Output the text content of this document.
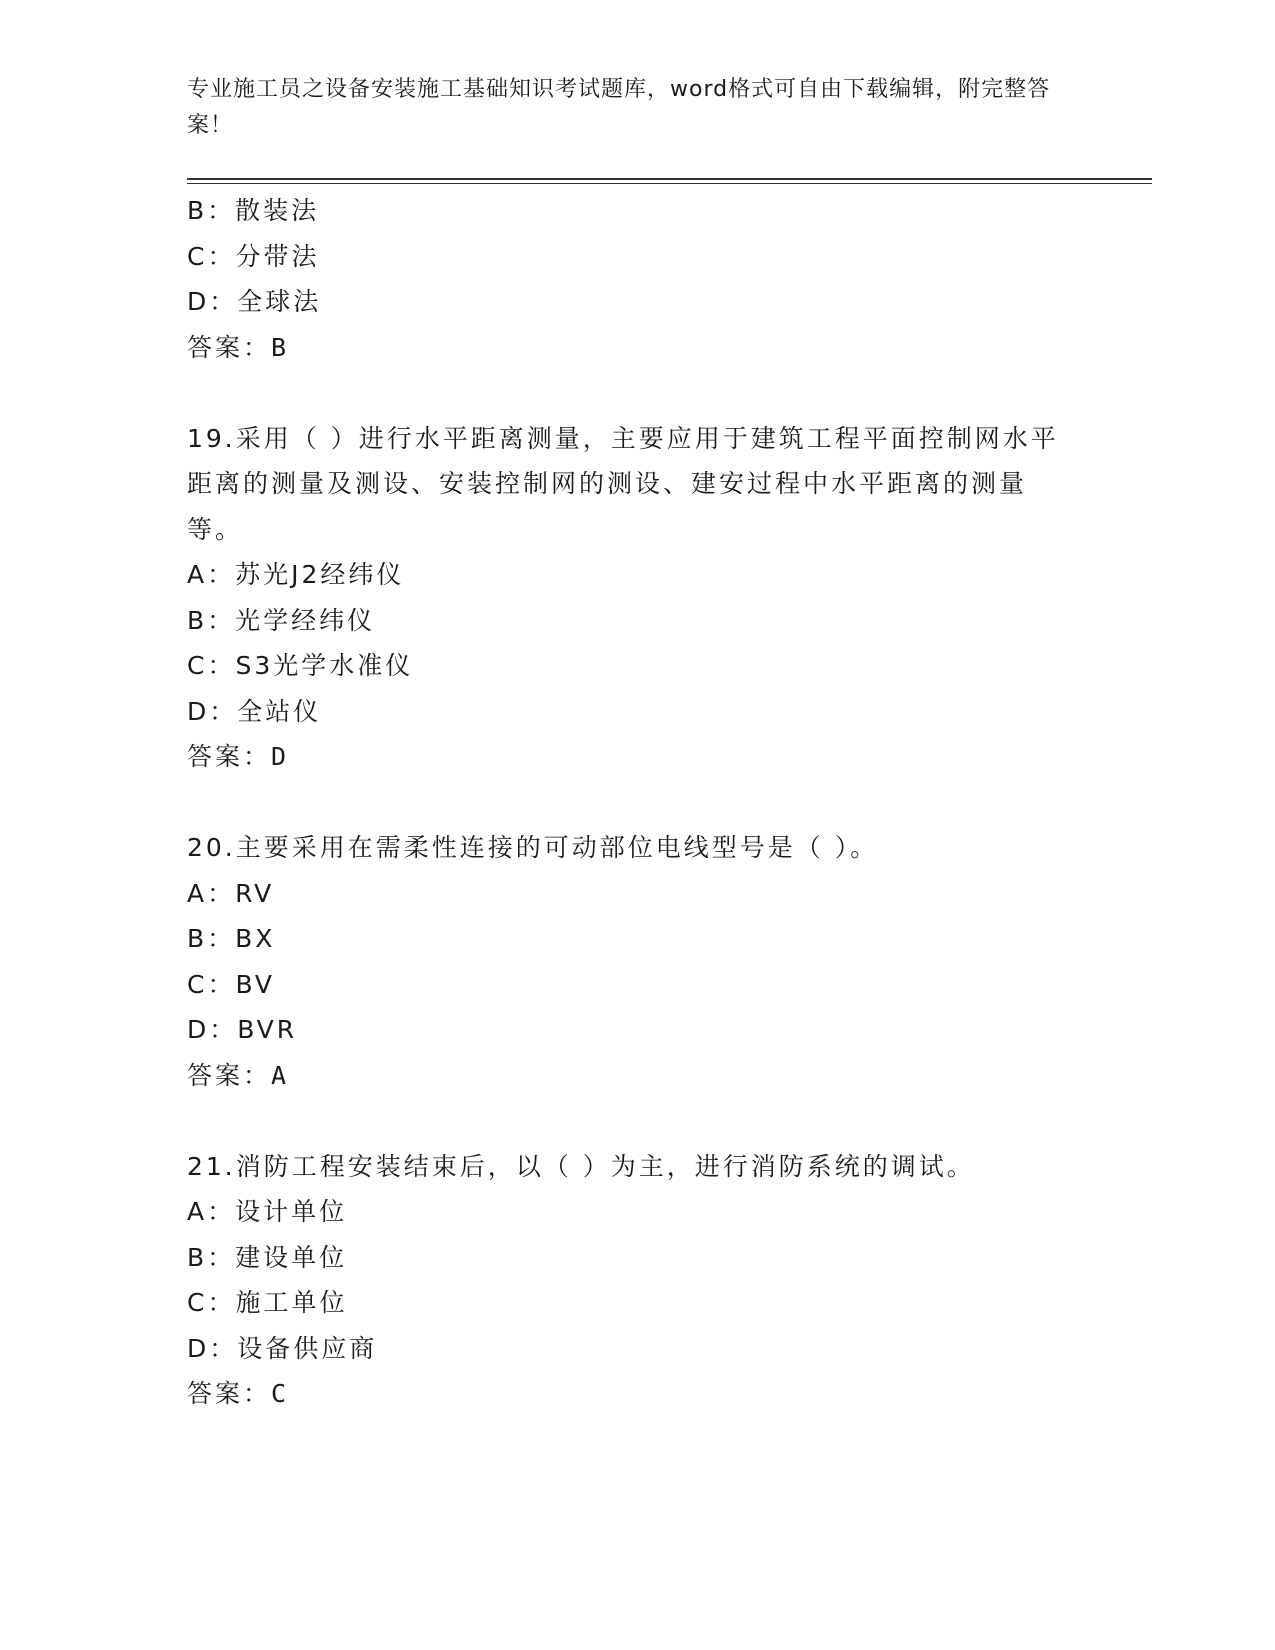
专业施工员之设备安装施工基础知识考试题库，word格式可自由下载编辑，附完整答案！
B：散装法
C：分带法
D：全球法
答案：B
19.采用（ ）进行水平距离测量，主要应用于建筑工程平面控制网水平距离的测量及测设、安装控制网的测设、建安过程中水平距离的测量等。
A：苏光J2经纬仪
B：光学经纬仪
C：S3光学水准仪
D：全站仪
答案：D
20.主要采用在需柔性连接的可动部位电线型号是（ ）。
A：RV
B：BX
C：BV
D：BVR
答案：A
21.消防工程安装结束后，以（ ）为主，进行消防系统的调试。
A：设计单位
B：建设单位
C：施工单位
D：设备供应商
答案：C
